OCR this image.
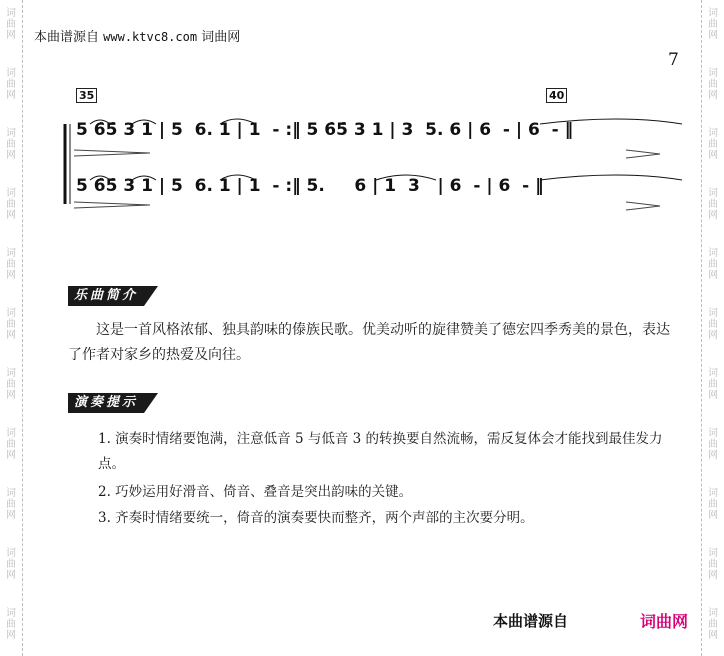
词
曲
网
词
曲
网
词
曲
网
词
曲
网
词
曲
网
词
曲
网
词
曲
网
词
曲
网
词
曲
网
词
曲
网
词
曲
网
词
曲
网
词
曲
网
词
曲
网
词
曲
网
词
曲
网
词
曲
网
词
曲
网
词
曲
网
词
曲
网
词
曲
网
词
曲
网
本曲谱源自 www.ktvc8.com 词曲网
7
35	40
5 6̇5̇ 3 1 | 5  6. 1 | 1  - :‖ 5 6̇5̇ 3 1 | 3  5. 6 | 6  - | 6  - ‖
5 6̇5̇ 3 1 | 5  6. 1 | 1  - :‖ 5.     6 | 1  3   | 6  - | 6  - ‖
乐曲简介
这是一首风格浓郁、独具韵味的傣族民歌。优美动听的旋律赞美了德宏四季秀美的景色，表达了作者对家乡的热爱及向往。
演奏提示
1. 演奏时情绪要饱满，注意低音 5 与低音 3 的转换要自然流畅，需反复体会才能找到最佳发力点。
2. 巧妙运用好滑音、倚音、叠音是突出韵味的关键。
3. 齐奏时情绪要统一，倚音的演奏要快而整齐，两个声部的主次要分明。
本曲谱源自	词曲网
